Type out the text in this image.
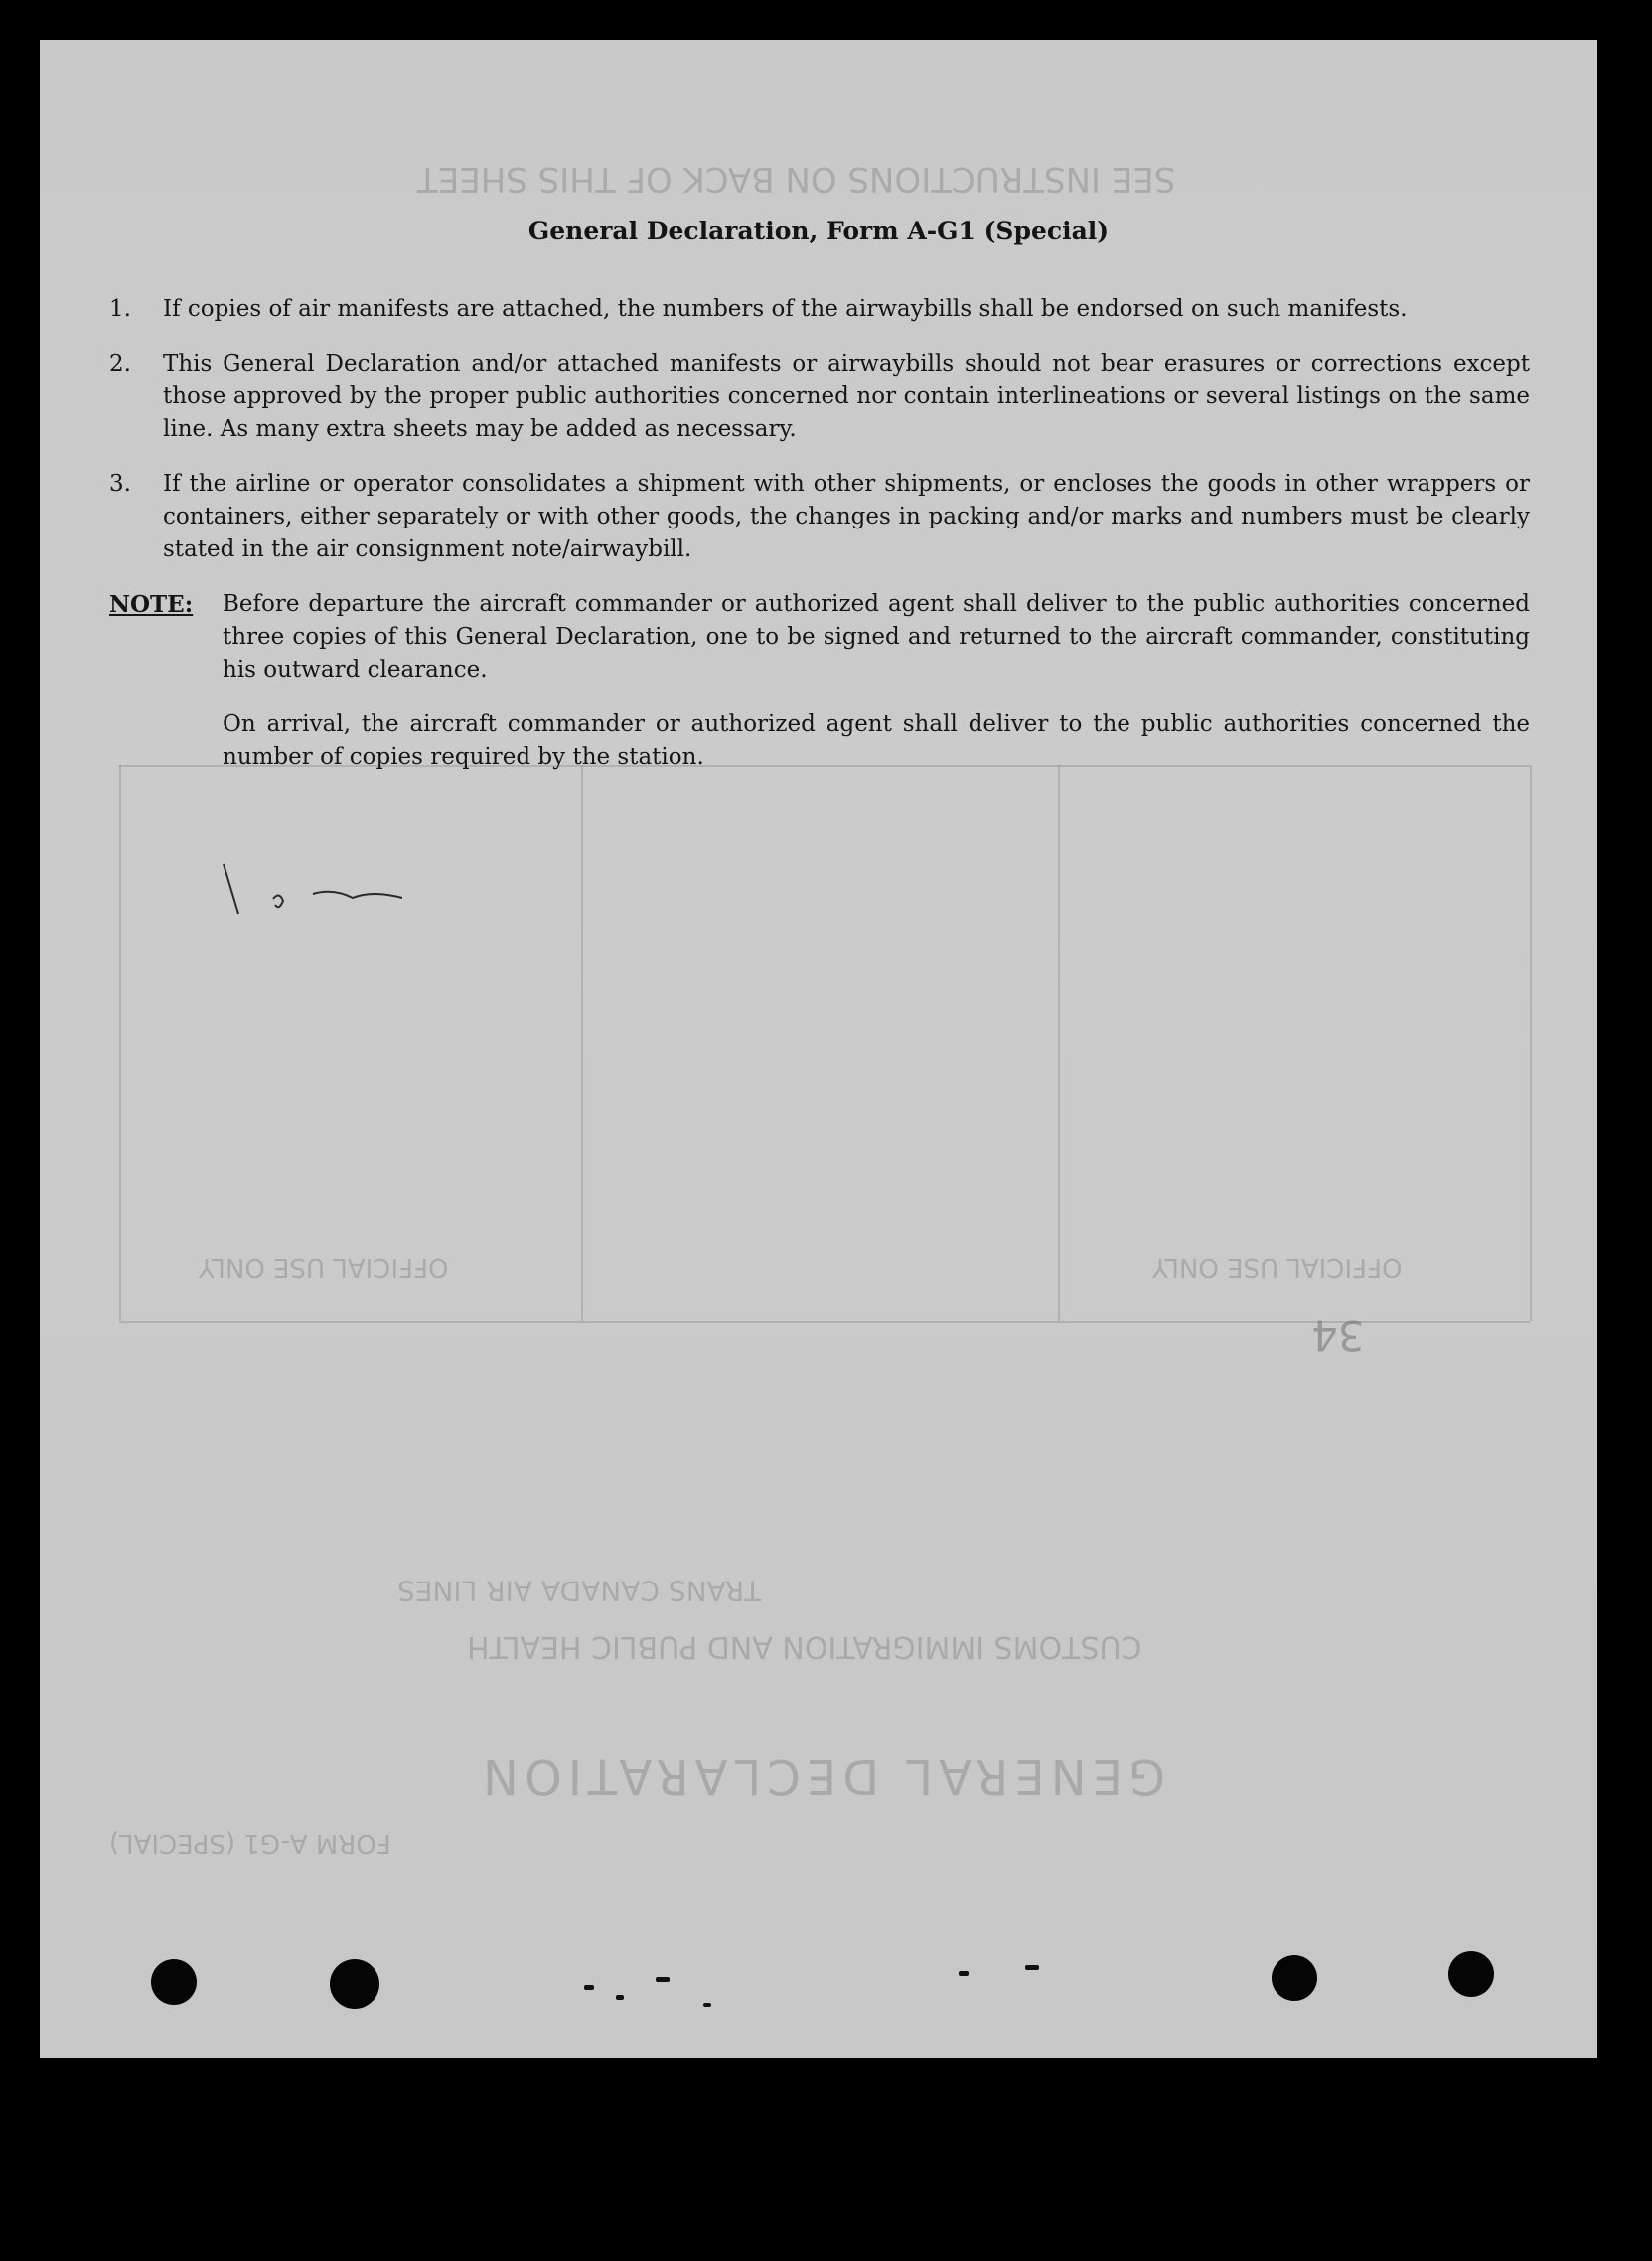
SEE INSTRUCTIONS ON BACK OF THIS SHEET
GENERAL DECLARATION
CUSTOMS IMMIGRATION AND PUBLIC HEALTH
TRANS CANADA AIR LINES
OFFICIAL USE ONLY
OFFICIAL USE ONLY
34
FORM A-G1 (SPECIAL)
General Declaration, Form A-G1 (Special)
1.	If copies of air manifests are attached, the numbers of the airwaybills shall be endorsed on such manifests.
2.	This General Declaration and/or attached manifests or airwaybills should not bear erasures or corrections except those approved by the proper public authorities concerned nor contain interlineations or several listings on the same line. As many extra sheets may be added as necessary.
3.	If the airline or operator consolidates a shipment with other shipments, or encloses the goods in other wrappers or containers, either separately or with other goods, the changes in packing and/or marks and numbers must be clearly stated in the air consignment note/airwaybill.
NOTE:	Before departure the aircraft commander or authorized agent shall deliver to the public authorities concerned three copies of this General Declaration, one to be signed and returned to the aircraft commander, constituting his outward clearance.

On arrival, the aircraft commander or authorized agent shall deliver to the public authorities concerned the number of copies required by the station.
